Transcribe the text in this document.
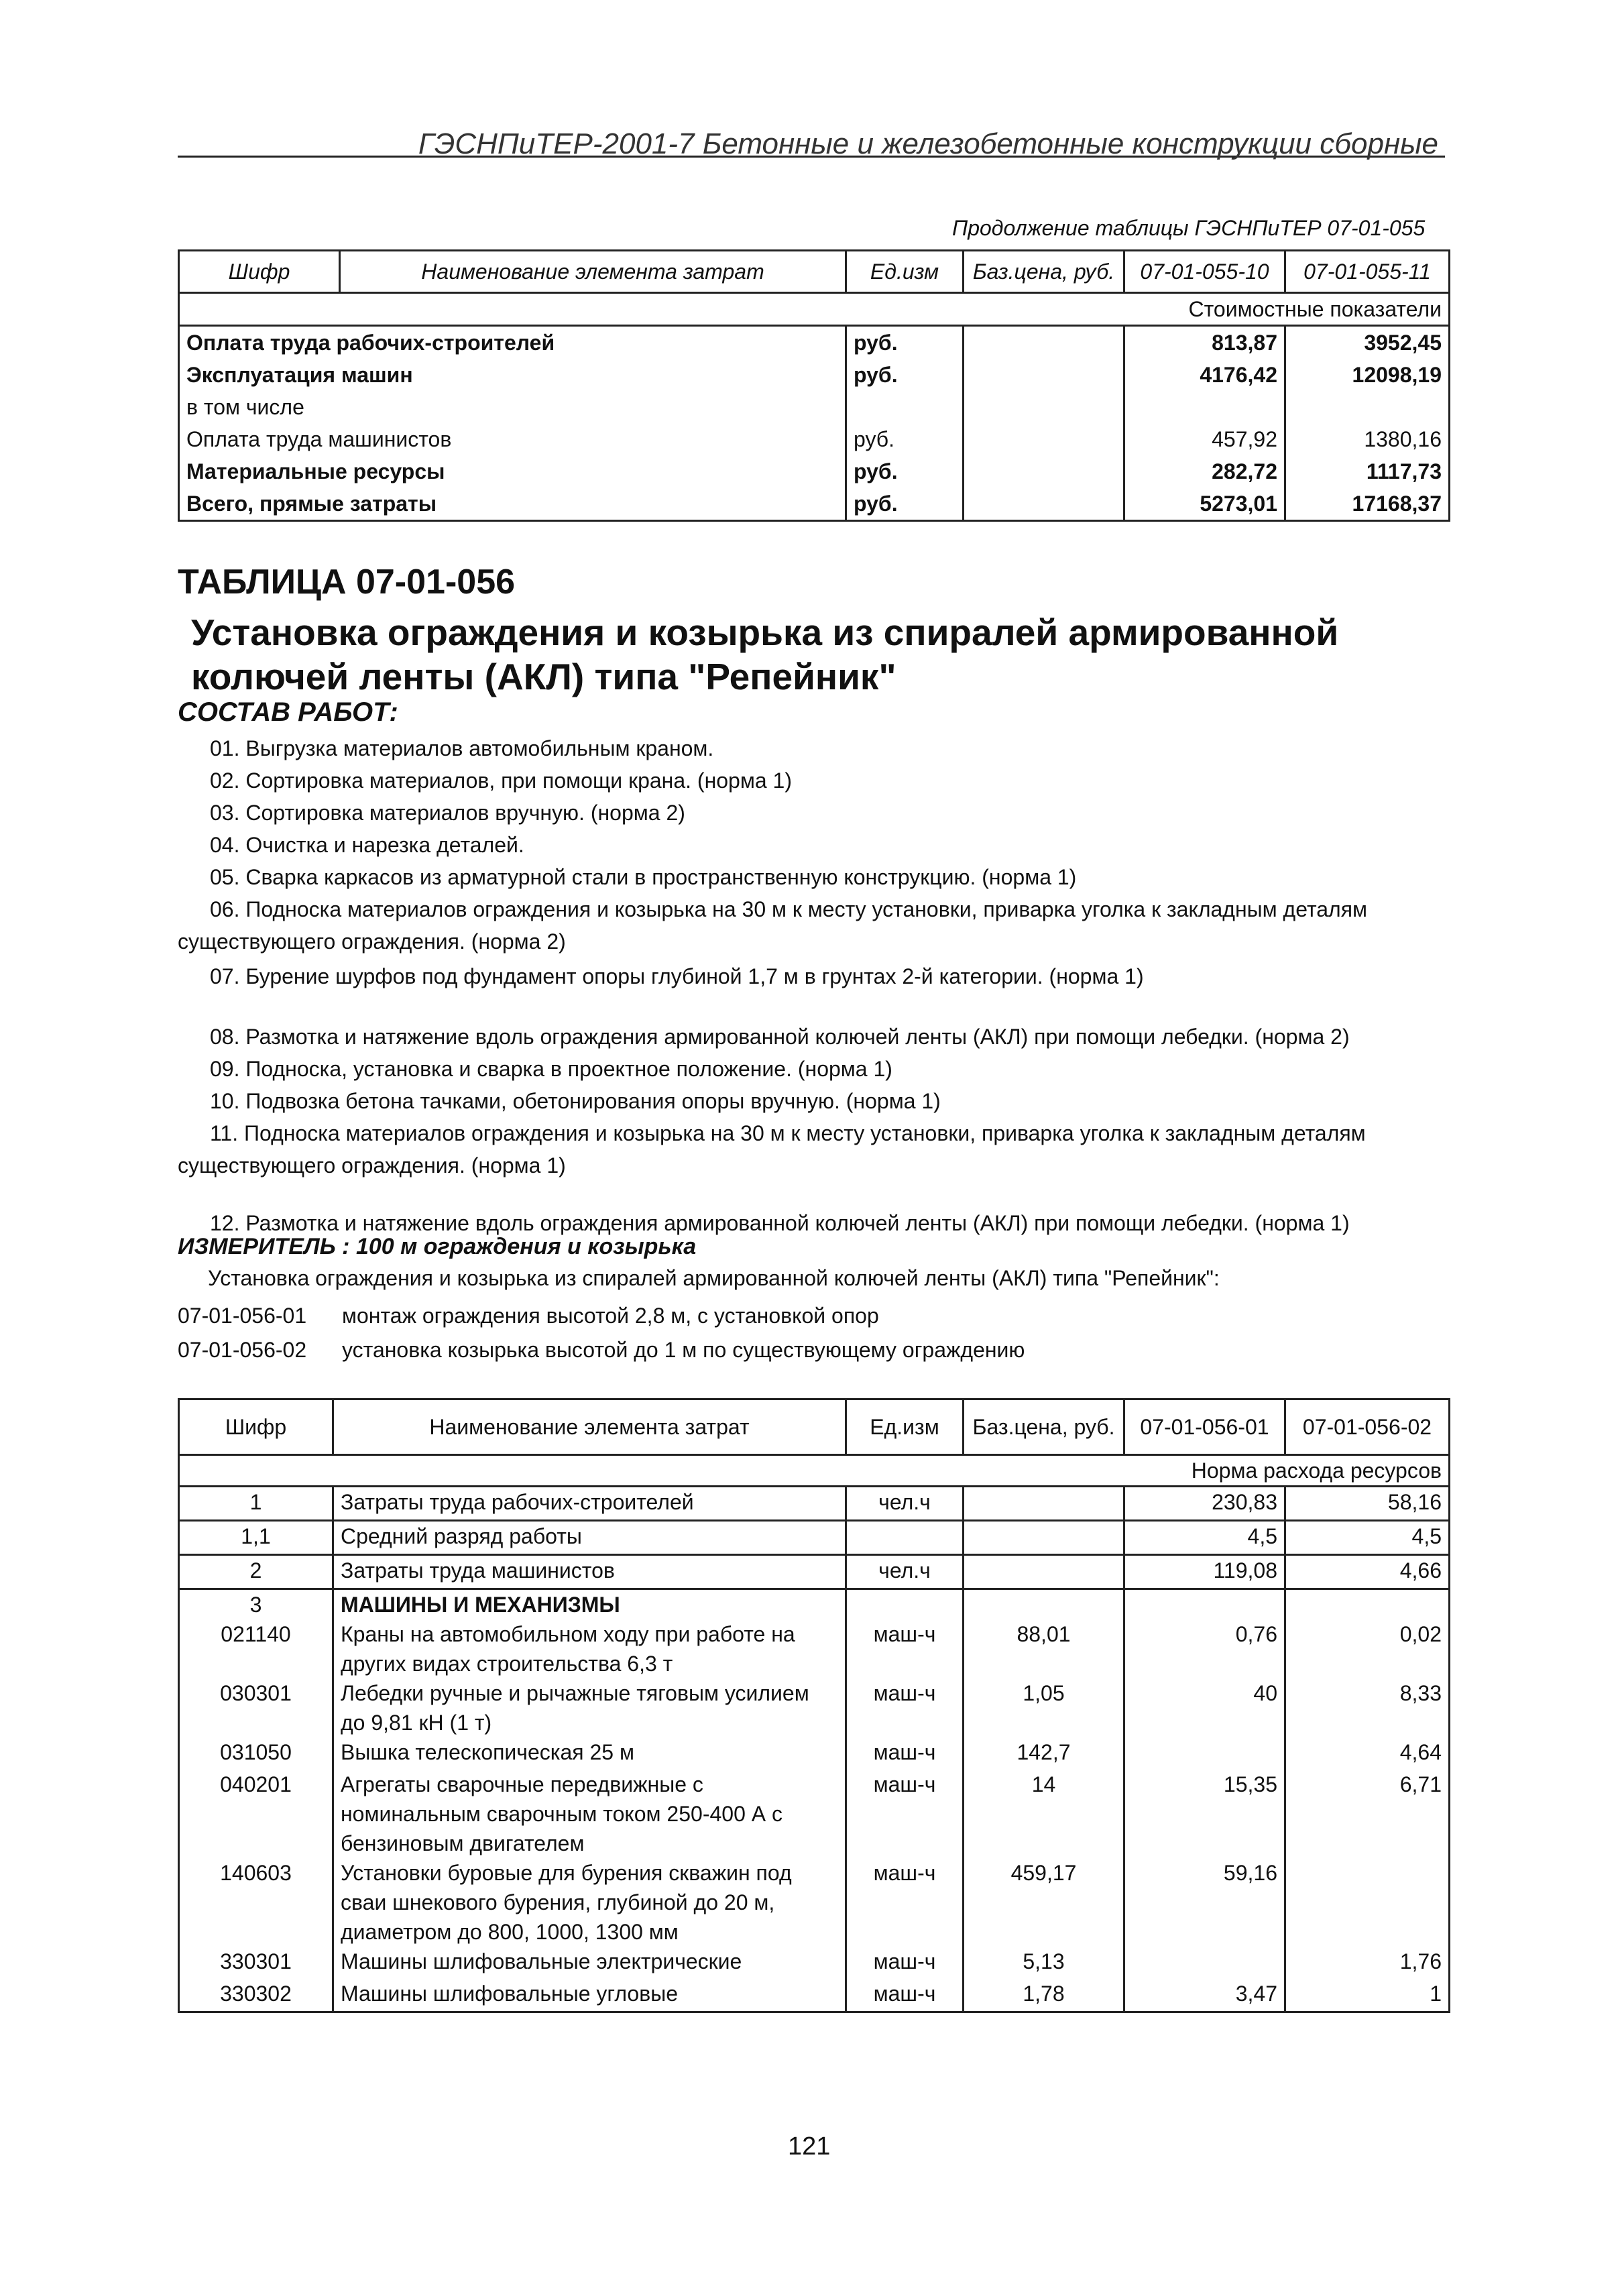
ГЭСНПиТЕР-2001-7 Бетонные и железобетонные конструкции сборные
Продолжение таблицы ГЭСНПиТЕР 07-01-055
Шифр	Наименование элемента затрат	Ед.изм	Баз.цена, руб.	07-01-055-10	07-01-055-11
Стоимостные показатели					
Оплата труда рабочих-строителей		руб.		813,87	3952,45
Эксплуатация машин		руб.		4176,42	12098,19
в том числе					
Оплата труда машинистов		руб.		457,92	1380,16
Материальные ресурсы		руб.		282,72	1117,73
Всего, прямые затраты		руб.		5273,01	17168,37
ТАБЛИЦА 07-01-056
Установка ограждения и козырька из спиралей армированной колючей ленты (АКЛ) типа "Репейник"
СОСТАВ РАБОТ:
01. Выгрузка материалов автомобильным краном.
02. Сортировка материалов, при помощи крана. (норма 1)
03. Сортировка материалов вручную. (норма 2)
04. Очистка и нарезка деталей.
05. Сварка каркасов из арматурной стали в пространственную конструкцию. (норма 1)
06. Подноска материалов ограждения и козырька на 30 м к месту установки, приварка уголка к закладным деталям существующего ограждения. (норма 2)
07. Бурение шурфов под фундамент опоры глубиной 1,7 м в грунтах 2-й категории. (норма 1)
08. Размотка и натяжение вдоль ограждения армированной колючей ленты (АКЛ) при помощи лебедки. (норма 2)
09. Подноска, установка и сварка в проектное положение. (норма 1)
10. Подвозка бетона тачками, обетонирования опоры вручную. (норма 1)
11. Подноска материалов ограждения и козырька на 30 м к месту установки, приварка уголка к закладным деталям существующего ограждения. (норма 1)
12. Размотка и натяжение вдоль ограждения армированной колючей ленты (АКЛ) при помощи лебедки. (норма 1)
ИЗМЕРИТЕЛЬ : 100 м ограждения и козырька
Установка ограждения и козырька из спиралей армированной колючей ленты (АКЛ) типа "Репейник":
07-01-056-01 монтаж ограждения высотой 2,8 м, с установкой опор
07-01-056-02 установка козырька высотой до 1 м по существующему ограждению
Шифр	Наименование элемента затрат	Ед.изм	Баз.цена, руб.	07-01-056-01	07-01-056-02
Норма расхода ресурсов					
1	Затраты труда рабочих-строителей	чел.ч		230,83	58,16
1,1	Средний разряд работы			4,5	4,5
2	Затраты труда машинистов	чел.ч		119,08	4,66
3	МАШИНЫ И МЕХАНИЗМЫ				
021140	Краны на автомобильном ходу при работе на других видах строительства 6,3 т	маш-ч	88,01	0,76	0,02
030301	Лебедки ручные и рычажные тяговым усилием до 9,81 кН (1 т)	маш-ч	1,05	40	8,33
031050	Вышка телескопическая 25 м	маш-ч	142,7		4,64
040201	Агрегаты сварочные передвижные с номинальным сварочным током 250-400 А с бензиновым двигателем	маш-ч	14	15,35	6,71
140603	Установки буровые для бурения скважин под сваи шнекового бурения, глубиной до 20 м, диаметром до 800, 1000, 1300 мм	маш-ч	459,17	59,16	
330301	Машины шлифовальные электрические	маш-ч	5,13		1,76
330302	Машины шлифовальные угловые	маш-ч	1,78	3,47	1
121
